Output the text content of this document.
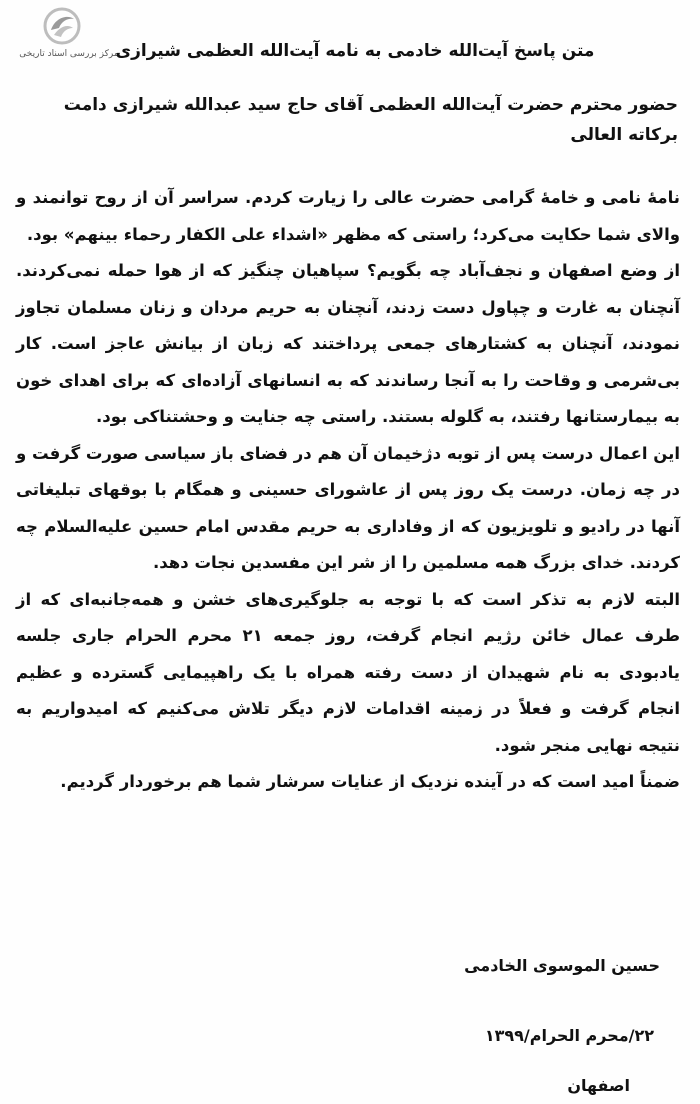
مرکز بررسی اسناد تاریخی
متن پاسخ آیت‌الله خادمی به نامه آیت‌الله العظمی شیرازی
حضور محترم حضرت آیت‌الله العظمی آقای حاج سید عبدالله شیرازی دامت برکاته العالی

نامهٔ نامی و خامهٔ گرامی حضرت عالی را زیارت کردم. سراسر آن از روح توانمند و والای شما حکایت می‌کرد؛ راستی که مظهر «اشداء علی الکفار رحماء بینهم» بود.

از وضع اصفهان و نجف‌آباد چه بگویم؟ سپاهیان چنگیز که از هوا حمله نمی‌کردند. آنچنان به غارت و چپاول دست زدند، آنچنان به حریم مردان و زنان مسلمان تجاوز نمودند، آنچنان به کشتارهای جمعی پرداختند که زبان از بیانش عاجز است. کار بی‌شرمی و وقاحت را به آنجا رساندند که به انسانهای آزاده‌ای که برای اهدای خون به بیمارستانها رفتند، به گلوله بستند. راستی چه جنایت و وحشتناکی بود.

این اعمال درست پس از توبه دژخیمان آن هم در فضای باز سیاسی صورت گرفت و در چه زمان. درست یک روز پس از عاشورای حسینی و همگام با بوقهای تبلیغاتی آنها در رادیو و تلویزیون که از وفاداری به حریم مقدس امام حسین علیه‌السلام چه کردند. خدای بزرگ همه مسلمین را از شر این مفسدین نجات دهد.

البته لازم به تذکر است که با توجه به جلوگیری‌های خشن و همه‌جانبه‌ای که از طرف عمال خائن رژیم انجام گرفت، روز جمعه ۲۱ محرم الحرام جاری جلسه یادبودی به نام شهیدان از دست رفته همراه با یک راهپیمایی گسترده و عظیم انجام گرفت و فعلاً در زمینه اقدامات لازم دیگر تلاش می‌کنیم که امیدواریم به نتیجه نهایی منجر شود.

ضمناً امید است که در آینده نزدیک از عنایات سرشار شما هم برخوردار گردیم.

حسین الموسوی الخادمی
۲۲/محرم الحرام/۱۳۹۹
اصفهان
